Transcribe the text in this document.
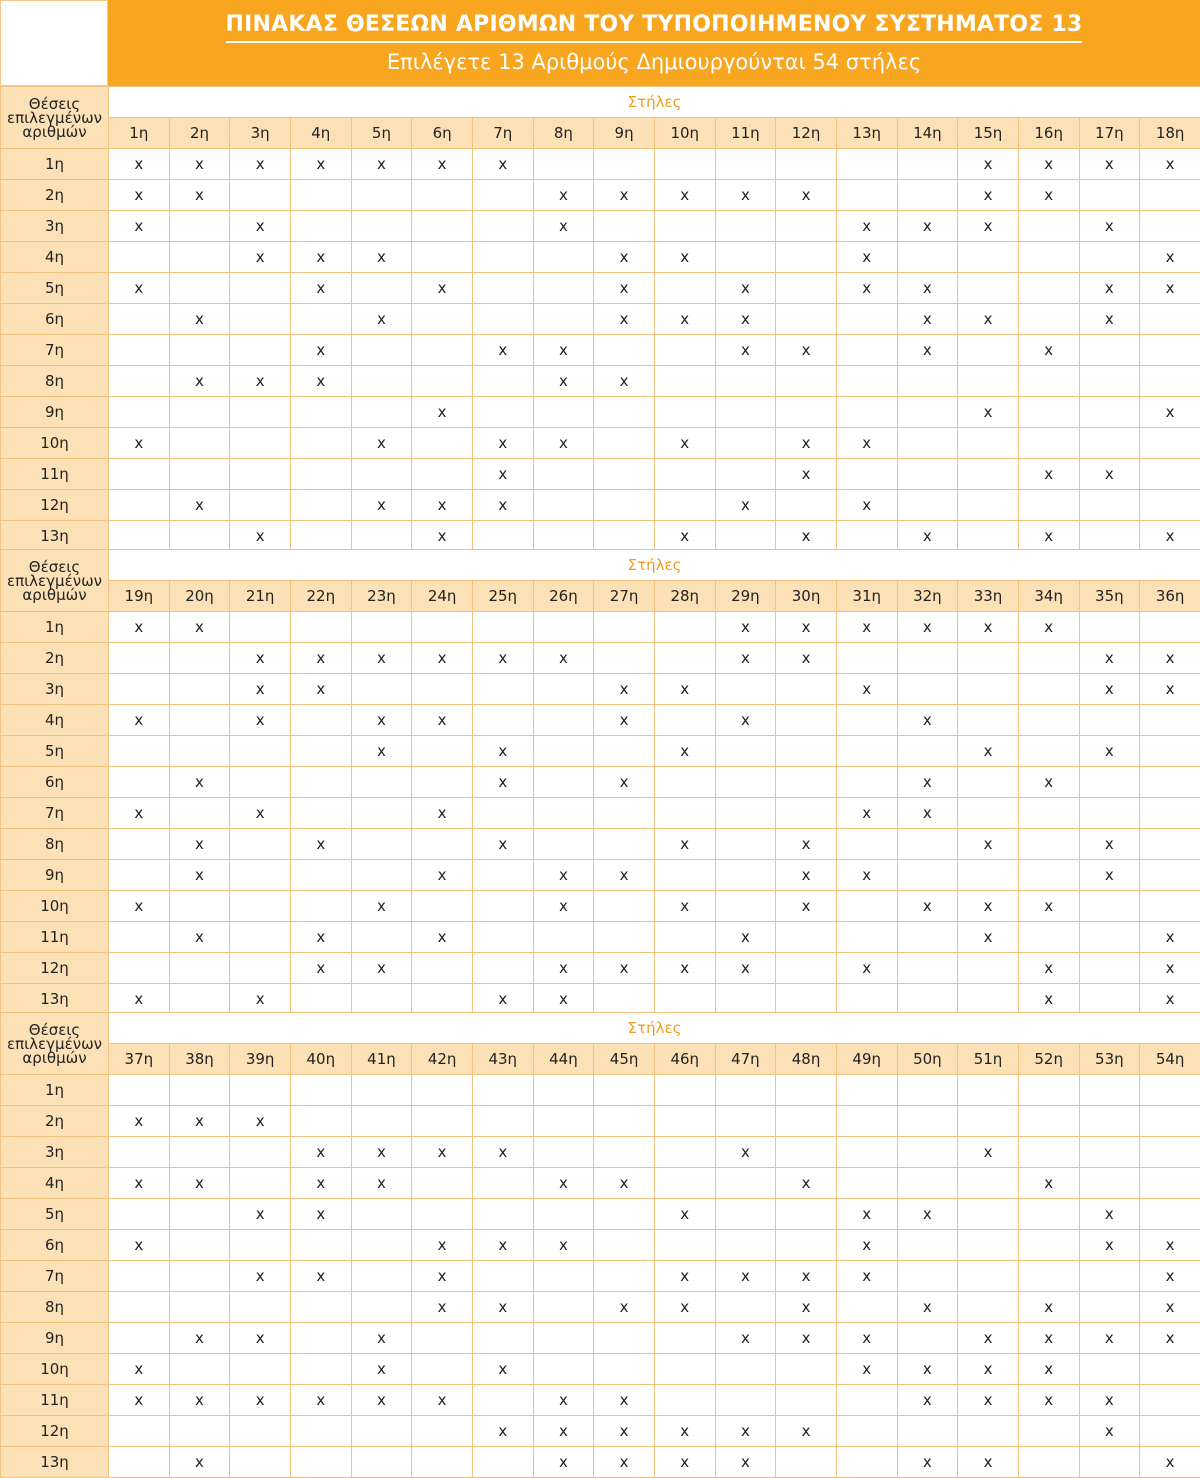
ΠΙΝΑΚΑΣ ΘΕΣΕΩΝ ΑΡΙΘΜΩΝ ΤΟΥ ΤΥΠΟΠΟΙΗΜΕΝΟΥ ΣΥΣΤΗΜΑΤΟΣ 13
Επιλέγετε 13 Αριθμούς Δημιουργούνται 54 στήλες
Θέσεις επιλεγμένων αριθμών	Στήλες																	
	1η	2η	3η	4η	5η	6η	7η	8η	9η	10η	11η	12η	13η	14η	15η	16η	17η	18η
1η	x	x	x	x	x	x	x								x	x	x	x
2η	x	x						x	x	x	x	x			x	x		
3η	x		x					x					x	x	x		x	
4η			x	x	x				x	x			x					x
5η	x			x		x			x		x		x	x			x	x
6η		x			x				x	x	x			x	x		x	
7η				x			x	x			x	x		x		x		
8η		x	x	x				x	x									
9η						x									x			x
10η	x				x		x	x		x		x	x					
11η							x					x				x	x	
12η		x			x	x	x				x		x					
13η			x			x				x		x		x		x		x
Θέσεις επιλεγμένων αριθμών	Στήλες																	
	19η	20η	21η	22η	23η	24η	25η	26η	27η	28η	29η	30η	31η	32η	33η	34η	35η	36η
1η	x	x									x	x	x	x	x	x		
2η			x	x	x	x	x	x			x	x					x	x
3η			x	x					x	x			x				x	x
4η	x		x		x	x			x		x			x				
5η					x		x			x					x		x	
6η		x					x		x					x		x		
7η	x		x			x							x	x				
8η		x		x			x			x		x			x		x	
9η		x				x		x	x			x	x				x	
10η	x				x			x		x		x		x	x	x		
11η		x		x		x					x				x			x
12η				x	x			x	x	x	x		x			x		x
13η	x		x				x	x								x		x
Θέσεις επιλεγμένων αριθμών	Στήλες																	
	37η	38η	39η	40η	41η	42η	43η	44η	45η	46η	47η	48η	49η	50η	51η	52η	53η	54η
1η																		
2η	x	x	x															
3η				x	x	x	x				x				x			
4η	x	x		x	x			x	x			x				x		
5η			x	x						x			x	x			x	
6η	x					x	x	x					x				x	x
7η			x	x		x				x	x	x	x					x
8η						x	x		x	x		x		x		x		x
9η		x	x		x						x	x	x		x	x	x	x
10η	x				x		x						x	x	x	x		
11η	x	x	x	x	x	x		x	x					x	x	x	x	
12η							x	x	x	x	x	x					x	
13η		x						x	x	x	x			x	x			x
